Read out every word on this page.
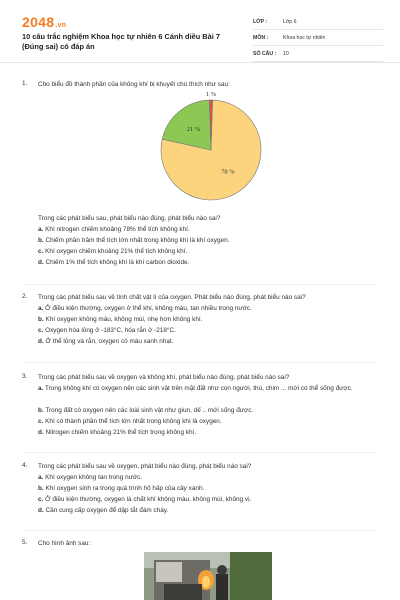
2048.vn
10 câu trắc nghiệm Khoa học tự nhiên 6 Cánh diều Bài 7 (Đúng sai) có đáp án
LỚP :	Lớp 6
MÔN :	Khoa học tự nhiên
SỐ CÂU :	10
1. Cho biểu đồ thành phần của không khí bị khuyết chú thích như sau:
78 %
21 %
1 %
Trong các phát biểu sau, phát biểu nào đúng, phát biểu nào sai?
a. Khí nitrogen chiếm khoảng 78% thể tích không khí.
b. Chiếm phần trăm thể tích lớn nhất trong không khí là khí oxygen.
c. Khí oxygen chiếm khoảng 21% thể tích không khí.
d. Chiếm 1% thể tích không khí là khí carbon dioxide.
2. Trong các phát biểu sau về tính chất vật lí của oxygen. Phát biểu nào đúng, phát biểu nào sai?
a. Ở điều kiện thường, oxygen ở thể khí, không màu, tan nhiều trong nước.
b. Khí oxygen không màu, không mùi, nhẹ hơn không khí.
c. Oxygen hóa lỏng ở -183°C, hóa rắn ở -218°C.
d. Ở thể lỏng và rắn, oxygen có màu xanh nhạt.
3. Trong các phát biểu sau về oxygen và không khí, phát biểu nào đúng, phát biểu nào sai?
a. Trong không khí có oxygen nên các sinh vật trên mặt đất như con người, thú, chim ... mới có thể sống được.
b. Trong đất có oxygen nên các loài sinh vật như giun, dế .. mới sống được.
c. Khí có thành phần thể tích lớn nhất trong không khí là oxygen.
d. Nitrogen chiếm khoảng 21% thể tích trong không khí.
4. Trong các phát biểu sau về oxygen, phát biểu nào đúng, phát biểu nào sai?
a. Khí oxygen không tan trong nước.
b. Khí oxygen sinh ra trong quá trình hô hấp của cây xanh.
c. Ở điều kiện thường, oxygen là chất khí không màu, không mùi, không vị.
d. Cần cung cấp oxygen để dập tắt đám cháy.
5. Cho hình ảnh sau:
